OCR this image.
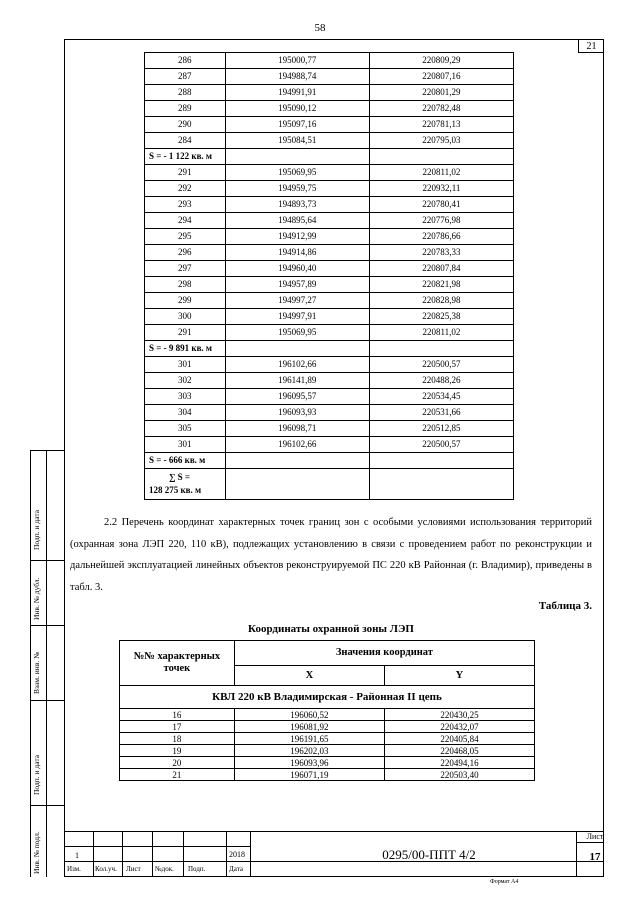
58
21
286	195000,77	220809,29
287	194988,74	220807,16
288	194991,91	220801,29
289	195090,12	220782,48
290	195097,16	220781,13
284	195084,51	220795,03
S = - 1 122 кв. м		
291	195069,95	220811,02
292	194959,75	220932,11
293	194893,73	220780,41
294	194895,64	220776,98
295	194912,99	220786,66
296	194914,86	220783,33
297	194960,40	220807,84
298	194957,89	220821,98
299	194997,27	220828,98
300	194997,91	220825,38
291	195069,95	220811,02
S = - 9 891 кв. м		
301	196102,66	220500,57
302	196141,89	220488,26
303	196095,57	220534,45
304	196093,93	220531,66
305	196098,71	220512,85
301	196102,66	220500,57
S = - 666 кв. м		

∑ S =
128 275 кв. м		

2.2 Перечень координат характерных точек границ зон с особыми условиями использования территорий (охранная зона ЛЭП 220, 110 кВ), подлежащих установлению в связи с проведением работ по реконструкции и дальнейшей эксплуатацией линейных объектов реконструируемой ПС 220 кВ Районная (г. Владимир), приведены в табл. 3.

Таблица 3.
Координаты охранной зоны ЛЭП
№№ характерных точек	Значения координат	
	X	Y
КВЛ 220 кВ Владимирская - Районная II цепь		
16	196060,52	220430,25
17	196081,92	220432,07
18	196191,65	220405,84
19	196202,03	220468,05
20	196093,96	220494,16
21	196071,19	220503,40
Подп. и дата
Инв. № дубл.
Взам. инв. №
Подп. и дата
Инв. № подл.	1	2018
Изм. Кол.уч. Лист №док. Подп.	Дата
0295/00-ППТ 4/2
Лист
17
Формат А4
